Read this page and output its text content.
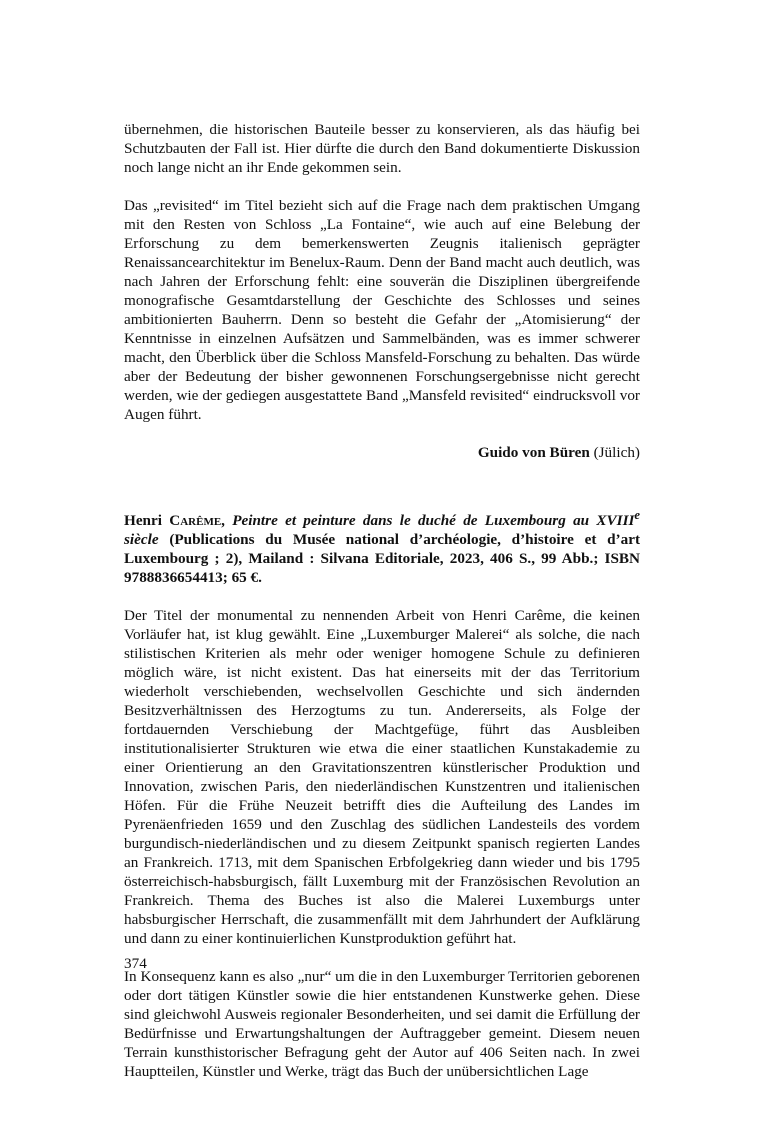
übernehmen, die historischen Bauteile besser zu konservieren, als das häufig bei Schutzbauten der Fall ist. Hier dürfte die durch den Band dokumentierte Diskussion noch lange nicht an ihr Ende gekommen sein.

Das „revisited“ im Titel bezieht sich auf die Frage nach dem praktischen Umgang mit den Resten von Schloss „La Fontaine“, wie auch auf eine Belebung der Erforschung zu dem bemerkenswerten Zeugnis italienisch geprägter Renaissancearchitektur im Benelux-Raum. Denn der Band macht auch deutlich, was nach Jahren der Erforschung fehlt: eine souverän die Disziplinen übergreifende monografische Gesamtdarstellung der Geschichte des Schlosses und seines ambitionierten Bauherrn. Denn so besteht die Gefahr der „Atomisierung“ der Kenntnisse in einzelnen Aufsätzen und Sammelbänden, was es immer schwerer macht, den Überblick über die Schloss Mansfeld-Forschung zu behalten. Das würde aber der Bedeutung der bisher gewonnenen Forschungsergebnisse nicht gerecht werden, wie der gediegen ausgestattete Band „Mansfeld revisited“ eindrucksvoll vor Augen führt.

Guido von Büren (Jülich)

Henri Carême, Peintre et peinture dans le duché de Luxembourg au XVIIIe siècle (Publications du Musée national d’archéologie, d’histoire et d’art Luxembourg ; 2), Mailand : Silvana Editoriale, 2023, 406 S., 99 Abb.; ISBN 9788836654413; 65 €.

Der Titel der monumental zu nennenden Arbeit von Henri Carême, die keinen Vorläufer hat, ist klug gewählt. Eine „Luxemburger Malerei“ als solche, die nach stilistischen Kriterien als mehr oder weniger homogene Schule zu definieren möglich wäre, ist nicht existent. Das hat einerseits mit der das Territorium wiederholt verschiebenden, wechselvollen Geschichte und sich ändernden Besitzverhältnissen des Herzogtums zu tun. Andererseits, als Folge der fortdauernden Verschiebung der Machtgefüge, führt das Ausbleiben institutionalisierter Strukturen wie etwa die einer staatlichen Kunstakademie zu einer Orientierung an den Gravitationszentren künstlerischer Produktion und Innovation, zwischen Paris, den niederländischen Kunstzentren und italienischen Höfen. Für die Frühe Neuzeit betrifft dies die Aufteilung des Landes im Pyrenäenfrieden 1659 und den Zuschlag des südlichen Landesteils des vordem burgundisch-niederländischen und zu diesem Zeitpunkt spanisch regierten Landes an Frankreich. 1713, mit dem Spanischen Erbfolgekrieg dann wieder und bis 1795 österreichisch-habsburgisch, fällt Luxemburg mit der Französischen Revolution an Frankreich. Thema des Buches ist also die Malerei Luxemburgs unter habsburgischer Herrschaft, die zusammenfällt mit dem Jahrhundert der Aufklärung und dann zu einer kontinuierlichen Kunstproduktion geführt hat.

In Konsequenz kann es also „nur“ um die in den Luxemburger Territorien geborenen oder dort tätigen Künstler sowie die hier entstandenen Kunstwerke gehen. Diese sind gleichwohl Ausweis regionaler Besonderheiten, und sei damit die Erfüllung der Bedürfnisse und Erwartungshaltungen der Auftraggeber gemeint. Diesem neuen Terrain kunsthistorischer Befragung geht der Autor auf 406 Seiten nach. In zwei Hauptteilen, Künstler und Werke, trägt das Buch der unübersichtlichen Lage

374
